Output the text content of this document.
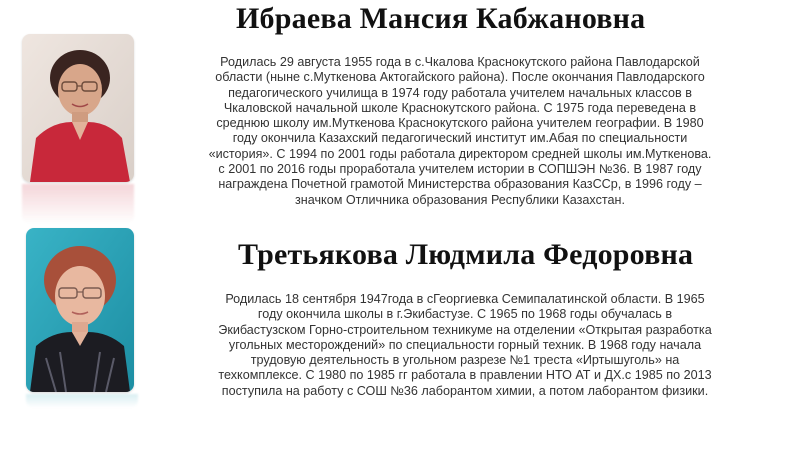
Ибраева Мансия Кабжановна
Родилась 29 августа 1955 года в с.Чкалова Краснокутского района Павлодарской
области (ныне с.Муткенова Актогайского района). После окончания Павлодарского
педагогического училища в 1974 году работала учителем начальных классов в
Чкаловской начальной школе Краснокутского района. С 1975 года переведена в
среднюю школу им.Муткенова Краснокутского района учителем географии. В 1980
году окончила Казахский педагогический институт им.Абая по специальности
«история». С 1994 по 2001 годы работала директором средней школы им.Муткенова.
с 2001 по 2016 годы проработала учителем истории в СОПШЭН №36. В 1987 году
награждена Почетной грамотой Министерства образования КазССр, в 1996 году –
значком Отличника образования Республики Казахстан.
Третьякова Людмила Федоровна
Родилась 18 сентября 1947года в сГеоргиевка Семипалатинской области. В 1965
году окончила школы в г.Экибастузе. С 1965 по 1968 годы обучалась в
Экибастузском Горно-строительном техникуме на отделении «Открытая разработка
угольных месторождений» по специальности горный техник. В 1968 году начала
трудовую деятельность в угольном разрезе №1 треста «Иртышуголь» на
техкомплексе. С 1980 по 1985 гг работала в правлении НТО АТ и ДХ.с 1985 по 2013
поступила на работу с СОШ №36 лаборантом химии, а потом лаборантом физики.
